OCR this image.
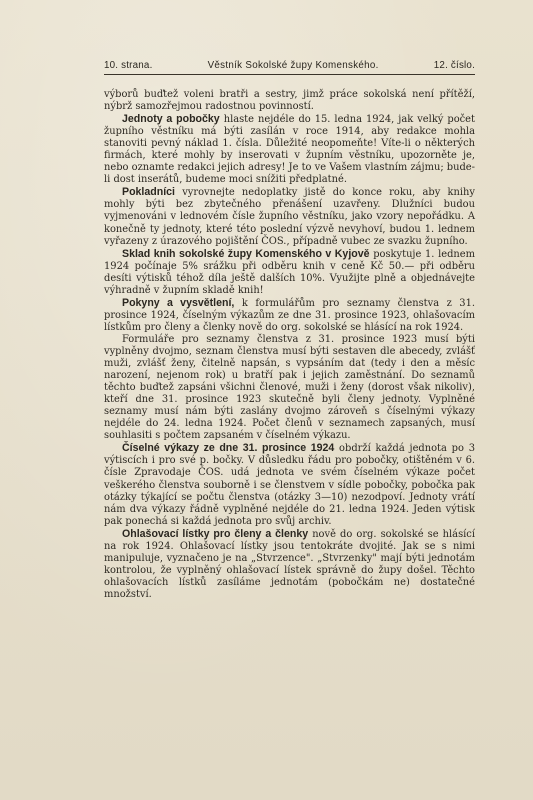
10. strana.	Věstník Sokolské župy Komenského.	12. číslo.

výborů buďtež voleni bratři a sestry, jimž práce sokolská není přítěží, nýbrž samozřejmou radostnou povinností.

Jednoty a pobočky hlaste nejdéle do 15. ledna 1924, jak velký počet župního věstníku má býti zasílán v roce 1914, aby redakce mohla stanoviti pevný náklad 1. čísla. Důležité neopomeňte! Víte-li o některých firmách, které mohly by inserovati v župním věstníku, upozorněte je, nebo oznamte redakci jejich adresy! Je to ve Vašem vlastním zájmu; bude-li dost inserátů, budeme moci snížiti předplatné.

Pokladníci vyrovnejte nedoplatky jistě do konce roku, aby knihy mohly býti bez zbytečného přenášení uzavřeny. Dlužníci budou vyjmenováni v lednovém čísle župního věstníku, jako vzory nepořádku. A konečně ty jednoty, které této poslední výzvě nevyhoví, budou 1. lednem vyřazeny z úrazového pojištění ČOS., případně vubec ze svazku župního.

Sklad knih sokolské župy Komenského v Kyjově poskytuje 1. lednem 1924 počínaje 5% srážku při odběru knih v ceně Kč 50.— při odběru desíti výtisků téhož díla ještě dalších 10%. Využijte plně a objednávejte výhradně v župním skladě knih!

Pokyny a vysvětlení, k formulářům pro seznamy členstva z 31. prosince 1924, číselným výkazům ze dne 31. prosince 1923, ohlašovacím lístkům pro členy a členky nově do org. sokolské se hlásící na rok 1924.

Formuláře pro seznamy členstva z 31. prosince 1923 musí býti vyplněny dvojmo, seznam členstva musí býti sestaven dle abecedy, zvlášť muži, zvlášť ženy, čitelně napsán, s vypsáním dat (tedy i den a měsíc narození, nejenom rok) u bratří pak i jejich zaměstnání. Do seznamů těchto buďtež zapsáni všichni členové, muži i ženy (dorost však nikoliv), kteří dne 31. prosince 1923 skutečně byli členy jednoty. Vyplněné seznamy musí nám býti zaslány dvojmo zároveň s číselnými výkazy nejdéle do 24. ledna 1924. Počet členů v seznamech zapsaných, musí souhlasiti s počtem zapsaném v číselném výkazu.

Číselné výkazy ze dne 31. prosince 1924 obdrží každá jednota po 3 výtiscích i pro své p. bočky. V důsledku řádu pro pobočky, otištěném v 6. čísle Zpravodaje ČOS. udá jednota ve svém číselném výkaze počet veškerého členstva souborně i se členstvem v sídle pobočky, pobočka pak otázky týkající se počtu členstva (otázky 3—10) nezodpoví. Jednoty vrátí nám dva výkazy řádně vyplněné nejdéle do 21. ledna 1924. Jeden výtisk pak ponechá si každá jednota pro svůj archiv.

Ohlašovací lístky pro členy a členky nově do org. sokolské se hlásící na rok 1924. Ohlašovací lístky jsou tentokráte dvojité. Jak se s nimi manipuluje, vyznačeno je na „Stvrzence". „Stvrzenky" mají býti jednotám kontrolou, že vyplněný ohlašovací lístek správně do župy došel. Těchto ohlašovacích lístků zasíláme jednotám (pobočkám ne) dostatečné množství.
